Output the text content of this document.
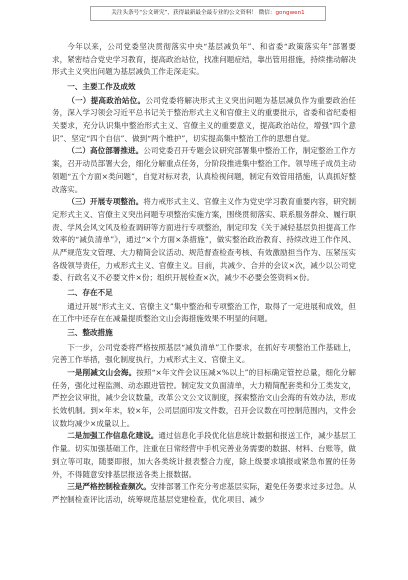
关注头条号“公文研究”，获得最新最全最专业的公文资料！ 微信：gongwen1

今年以来，公司党委坚决贯彻落实中央“基层减负年”、和省委“政策落实年”部署要求，紧密结合党史学习教育，提高政治站位，找准问题症结，靠出管用措施，持续推动解决形式主义突出问题为基层减负工作走深走实。

一、主要工作及成效

（一）提高政治站位。公司党委将解决形式主义突出问题为基层减负作为重要政治任务，深入学习领会习近平总书记关于整治形式主义和官僚主义的重要批示，省委和省纪委相关要求，充分认识集中整治形式主义、官僚主义的重要意义，提高政治站位，增强“四个意识”、坚定“四个自信”、做到“两个维护”，切实提高集中整治工作的思想自觉。

（二）高位部署推进。公司党委召开专题会议研究部署集中整治工作，制定整治工作方案，召开动员部署大会，细化分解重点任务，分阶段推进集中整治工作。领导班子成员主动领题“五个方面×类问题”，自觉对标对表，认真检视问题，制定有效管用措施，认真抓好整改落实。

（三）开展专项整治。将力戒形式主义、官僚主义作为党史学习教育重要内容，研究制定形式主义、官僚主义突出问题专项整治实施方案，围绕贯彻落实、联系服务群众、履行职责、学风会风文风及检查调研等方面进行专项整治，制定印发《关于减轻基层负担提高工作效率的“减负清单”》，通过“×个方面×条措施”，做实整治政治教育、持续改进工作作风、从严规范发文管理、大力精简会议活动、规范督查检查考核、有效激励担当作为、压紧压实各级领导责任，力戒形式主义、官僚主义。目前，共减少、合并的会议×次，减少以公司党委、行政名义不必要文件×份；组织开展检查×次，减少不必要会签资料×份。

二、存在不足

通过开展“形式主义、官僚主义”集中整治和专项整治工作，取得了一定进展和成效，但在工作中还存在在减量提质整治文山会海措施效果不明显的问题。

三、整改措施

下一步，公司党委将严格按照基层“减负清单”工作要求，在抓好专项整治工作基础上，完善工作举措，强化制度执行，力戒形式主义、官僚主义。

一是削减文山会海。按照“×年文件会议压减×%以上”的目标确定管控总量，细化分解任务，强化过程监测、动态跟进管控。制定发文负面清单，大力精简配套类和分工类发文，严控会议审批，减少会议数量，改革公文公文议制度，探索整治文山会海的有效办法，形成长效机制。到×年末，较×年，公司层面印发文件数，召开会议数在可控制范围内，文件会议数均减少×成量以上。

二是加强工作信息化建设。通过信息化手段优化信息统计数据和报送工作，减少基层工作量。切实加强基础工作，注重在日常经营中手机完善业务需要的数据、材料、台账等，做到立等可取，随要即报，加大各类统计报表整合力度，除上级要求填报或紧急布置的任务外，不得随意安排基层报送各类上报数据。

三是严格控制检查频次。安排部署工作充分考虑基层实际，避免任务要求过多过急。从严控制检查评比活动，统筹规范基层党建检查，优化项目、减少
